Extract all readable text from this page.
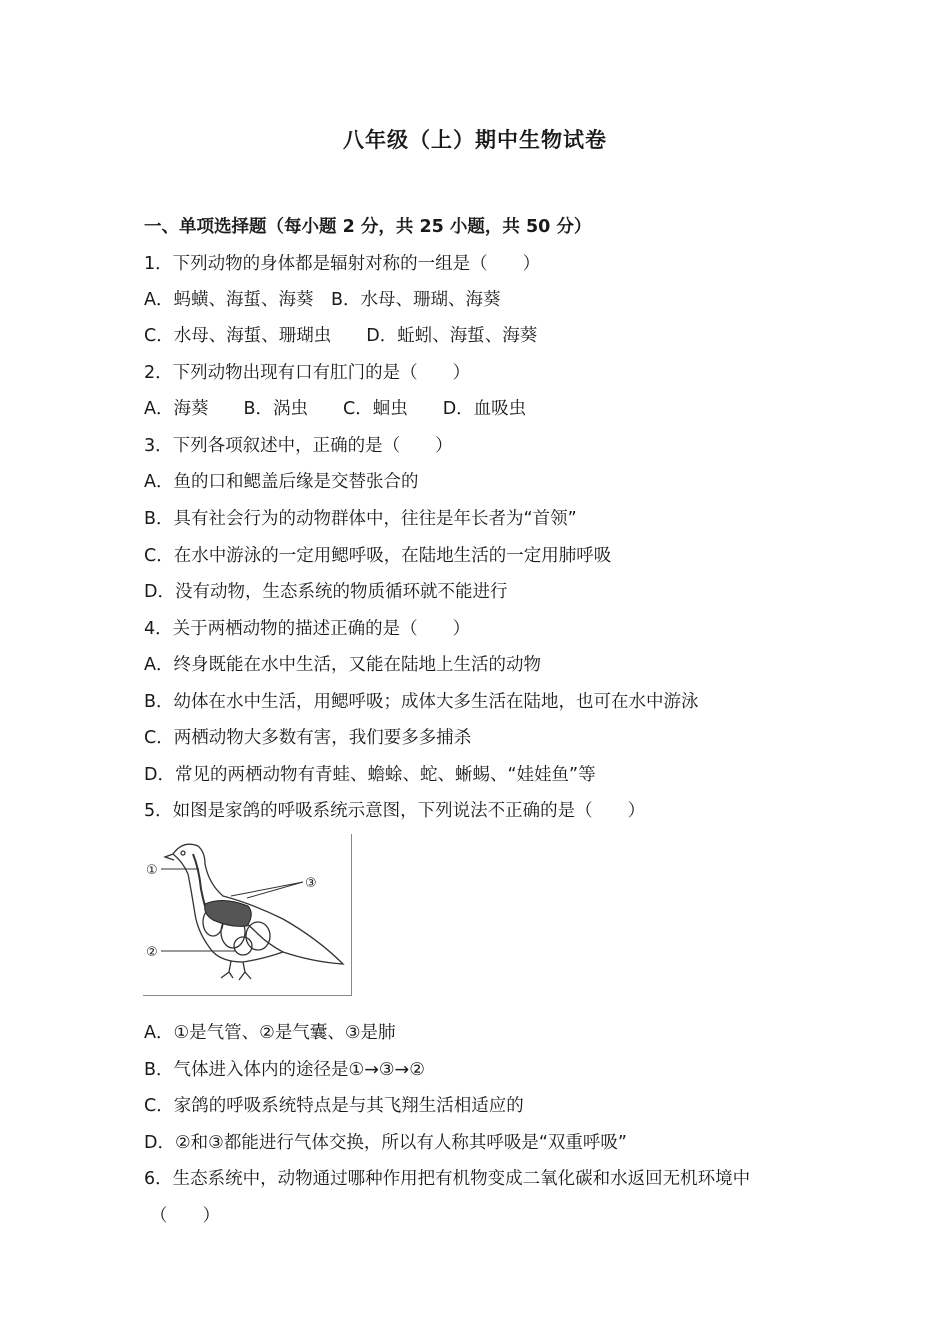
八年级（上）期中生物试卷
一、单项选择题（每小题 2 分，共 25 小题，共 50 分）
1．下列动物的身体都是辐射对称的一组是（　　）
A．蚂蟥、海蜇、海葵　B．水母、珊瑚、海葵
C．水母、海蜇、珊瑚虫　　D．蚯蚓、海蜇、海葵
2．下列动物出现有口有肛门的是（　　）
A．海葵　　B．涡虫　　C．蛔虫　　D．血吸虫
3．下列各项叙述中，正确的是（　　）
A．鱼的口和鳃盖后缘是交替张合的
B．具有社会行为的动物群体中，往往是年长者为“首领”
C．在水中游泳的一定用鳃呼吸，在陆地生活的一定用肺呼吸
D．没有动物，生态系统的物质循环就不能进行
4．关于两栖动物的描述正确的是（　　）
A．终身既能在水中生活，又能在陆地上生活的动物
B．幼体在水中生活，用鳃呼吸；成体大多生活在陆地，也可在水中游泳
C．两栖动物大多数有害，我们要多多捕杀
D．常见的两栖动物有青蛙、蟾蜍、蛇、蜥蜴、“娃娃鱼”等
5．如图是家鸽的呼吸系统示意图，下列说法不正确的是（　　）
①
②
③
A．①是气管、②是气囊、③是肺
B．气体进入体内的途径是①→③→②
C．家鸽的呼吸系统特点是与其飞翔生活相适应的
D．②和③都能进行气体交换，所以有人称其呼吸是“双重呼吸”
6．生态系统中，动物通过哪种作用把有机物变成二氧化碳和水返回无机环境中
（　　）
